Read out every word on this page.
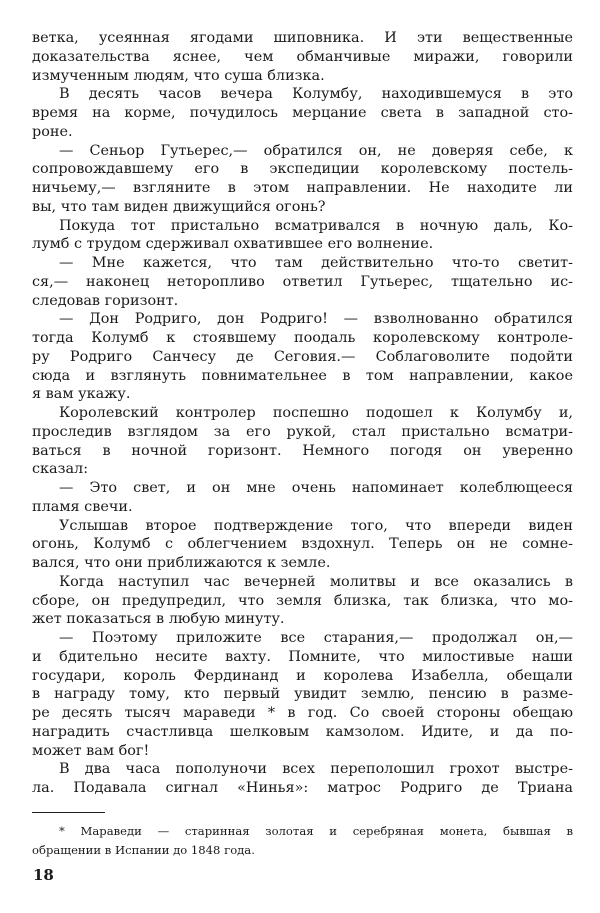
ветка, усеянная ягодами шиповника. И эти вещественные
доказательства яснее, чем обманчивые миражи, говорили
измученным людям, что суша близка.
В десять часов вечера Колумбу, находившемуся в это
время на корме, почудилось мерцание света в западной сто-
роне.
— Сеньор Гутьерес,— обратился он, не доверяя себе, к
сопровождавшему его в экспедиции королевскому постель-
ничьему,— взгляните в этом направлении. Не находите ли
вы, что там виден движущийся огонь?
Покуда тот пристально всматривался в ночную даль, Ко-
лумб с трудом сдерживал охватившее его волнение.
— Мне кажется, что там действительно что-то светит-
ся,— наконец неторопливо ответил Гутьерес, тщательно ис-
следовав горизонт.
— Дон Родриго, дон Родриго! — взволнованно обратился
тогда Колумб к стоявшему поодаль королевскому контроле-
ру Родриго Санчесу де Сеговия.— Соблаговолите подойти
сюда и взглянуть повнимательнее в том направлении, какое
я вам укажу.
Королевский контролер поспешно подошел к Колумбу и,
проследив взглядом за его рукой, стал пристально всматри-
ваться в ночной горизонт. Немного погодя он уверенно
сказал:
— Это свет, и он мне очень напоминает колеблющееся
пламя свечи.
Услышав второе подтверждение того, что впереди виден
огонь, Колумб с облегчением вздохнул. Теперь он не сомне-
вался, что они приближаются к земле.
Когда наступил час вечерней молитвы и все оказались в
сборе, он предупредил, что земля близка, так близка, что мо-
жет показаться в любую минуту.
— Поэтому приложите все старания,— продолжал он,—
и бдительно несите вахту. Помните, что милостивые наши
государи, король Фердинанд и королева Изабелла, обещали
в награду тому, кто первый увидит землю, пенсию в разме-
ре десять тысяч мараведи * в год. Со своей стороны обещаю
наградить счастливца шелковым камзолом. Идите, и да по-
может вам бог!
В два часа пополуночи всех переполошил грохот выстре-
ла. Подавала сигнал «Нинья»: матрос Родриго де Триана
* Мараведи — старинная золотая и серебряная монета, бывшая в
обращении в Испании до 1848 года.
18
